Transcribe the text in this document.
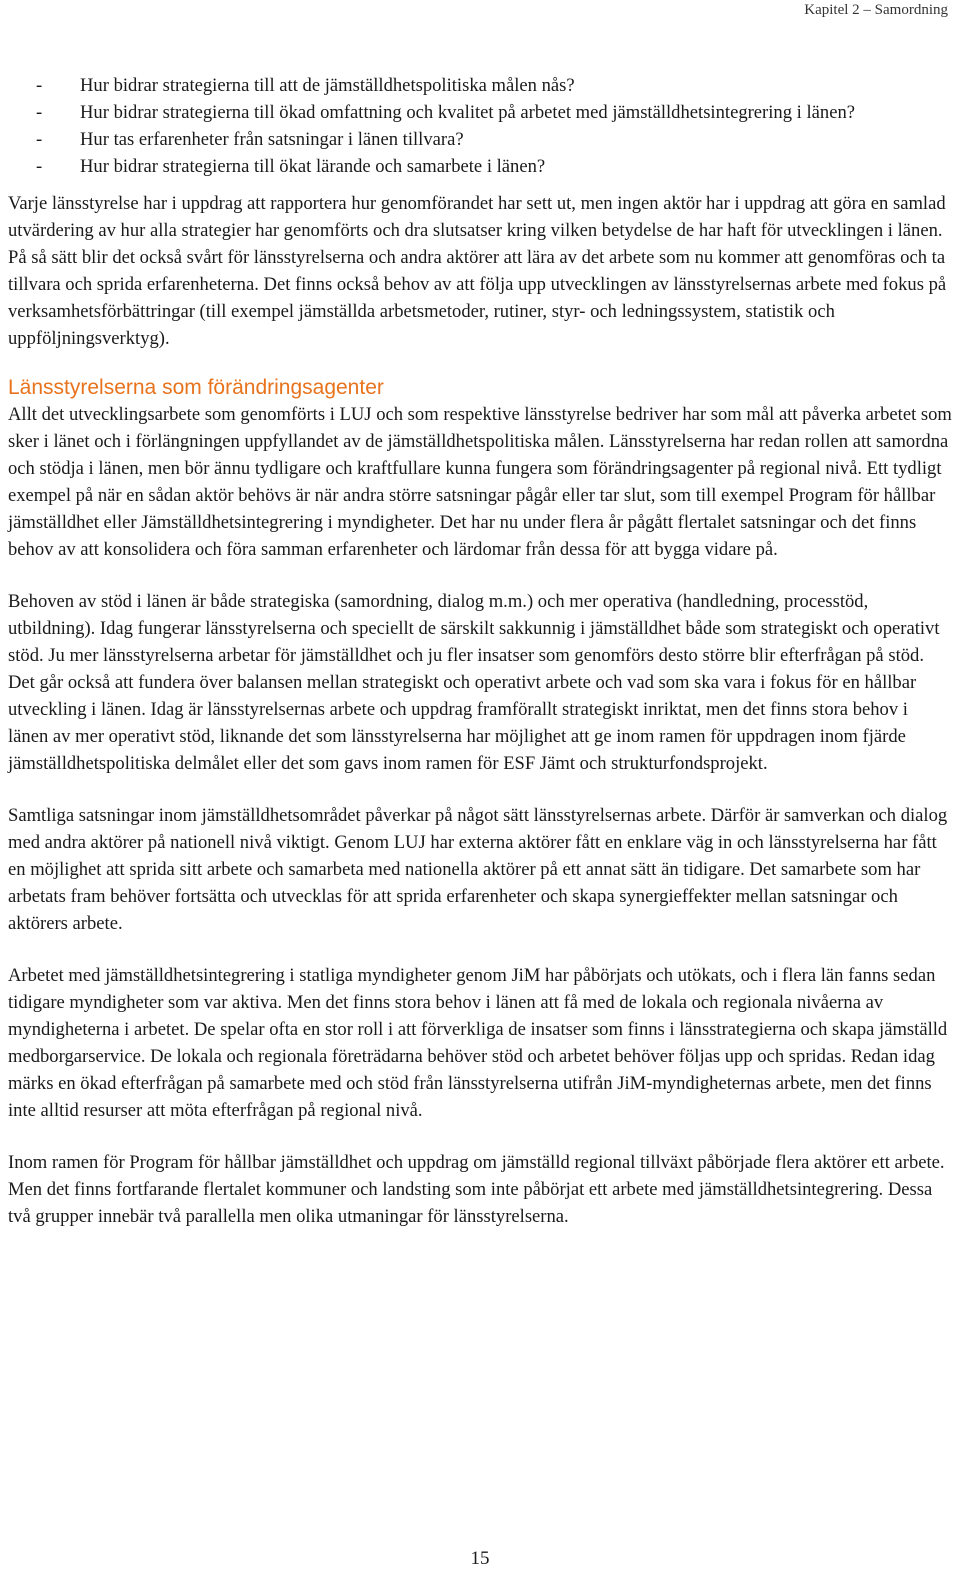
Kapitel 2 – Samordning
- Hur bidrar strategierna till att de jämställdhetspolitiska målen nås?
- Hur bidrar strategierna till ökad omfattning och kvalitet på arbetet med jämställdhetsintegrering i länen?
- Hur tas erfarenheter från satsningar i länen tillvara?
- Hur bidrar strategierna till ökat lärande och samarbete i länen?

Varje länsstyrelse har i uppdrag att rapportera hur genomförandet har sett ut, men ingen aktör har i uppdrag att göra en samlad utvärdering av hur alla strategier har genomförts och dra slutsatser kring vilken betydelse de har haft för utvecklingen i länen. På så sätt blir det också svårt för länsstyrelserna och andra aktörer att lära av det arbete som nu kommer att genomföras och ta tillvara och sprida erfarenheterna. Det finns också behov av att följa upp utvecklingen av länsstyrelsernas arbete med fokus på verksamhetsförbättringar (till exempel jämställda arbetsmetoder, rutiner, styr- och ledningssystem, statistik och uppföljningsverktyg).

Länsstyrelserna som förändringsagenter

Allt det utvecklingsarbete som genomförts i LUJ och som respektive länsstyrelse bedriver har som mål att påverka arbetet som sker i länet och i förlängningen uppfyllandet av de jämställdhetspolitiska målen. Länsstyrelserna har redan rollen att samordna och stödja i länen, men bör ännu tydligare och kraftfullare kunna fungera som förändringsagenter på regional nivå. Ett tydligt exempel på när en sådan aktör behövs är när andra större satsningar pågår eller tar slut, som till exempel Program för hållbar jämställdhet eller Jämställdhetsintegrering i myndigheter. Det har nu under flera år pågått flertalet satsningar och det finns behov av att konsolidera och föra samman erfarenheter och lärdomar från dessa för att bygga vidare på.

Behoven av stöd i länen är både strategiska (samordning, dialog m.m.) och mer operativa (handledning, processtöd, utbildning). Idag fungerar länsstyrelserna och speciellt de särskilt sakkunnig i jämställdhet både som strategiskt och operativt stöd. Ju mer länsstyrelserna arbetar för jämställdhet och ju fler insatser som genomförs desto större blir efterfrågan på stöd. Det går också att fundera över balansen mellan strategiskt och operativt arbete och vad som ska vara i fokus för en hållbar utveckling i länen. Idag är länsstyrelsernas arbete och uppdrag framförallt strategiskt inriktat, men det finns stora behov i länen av mer operativt stöd, liknande det som länsstyrelserna har möjlighet att ge inom ramen för uppdragen inom fjärde jämställdhetspolitiska delmålet eller det som gavs inom ramen för ESF Jämt och strukturfondsprojekt.

Samtliga satsningar inom jämställdhetsområdet påverkar på något sätt länsstyrelsernas arbete. Därför är samverkan och dialog med andra aktörer på nationell nivå viktigt. Genom LUJ har externa aktörer fått en enklare väg in och länsstyrelserna har fått en möjlighet att sprida sitt arbete och samarbeta med nationella aktörer på ett annat sätt än tidigare. Det samarbete som har arbetats fram behöver fortsätta och utvecklas för att sprida erfarenheter och skapa synergieffekter mellan satsningar och aktörers arbete.

Arbetet med jämställdhetsintegrering i statliga myndigheter genom JiM har påbörjats och utökats, och i flera län fanns sedan tidigare myndigheter som var aktiva. Men det finns stora behov i länen att få med de lokala och regionala nivåerna av myndigheterna i arbetet. De spelar ofta en stor roll i att förverkliga de insatser som finns i länsstrategierna och skapa jämställd medborgarservice. De lokala och regionala företrädarna behöver stöd och arbetet behöver följas upp och spridas. Redan idag märks en ökad efterfrågan på samarbete med och stöd från länsstyrelserna utifrån JiM-myndigheternas arbete, men det finns inte alltid resurser att möta efterfrågan på regional nivå.

Inom ramen för Program för hållbar jämställdhet och uppdrag om jämställd regional tillväxt påbörjade flera aktörer ett arbete. Men det finns fortfarande flertalet kommuner och landsting som inte påbörjat ett arbete med jämställdhetsintegrering. Dessa två grupper innebär två parallella men olika utmaningar för länsstyrelserna.

15
